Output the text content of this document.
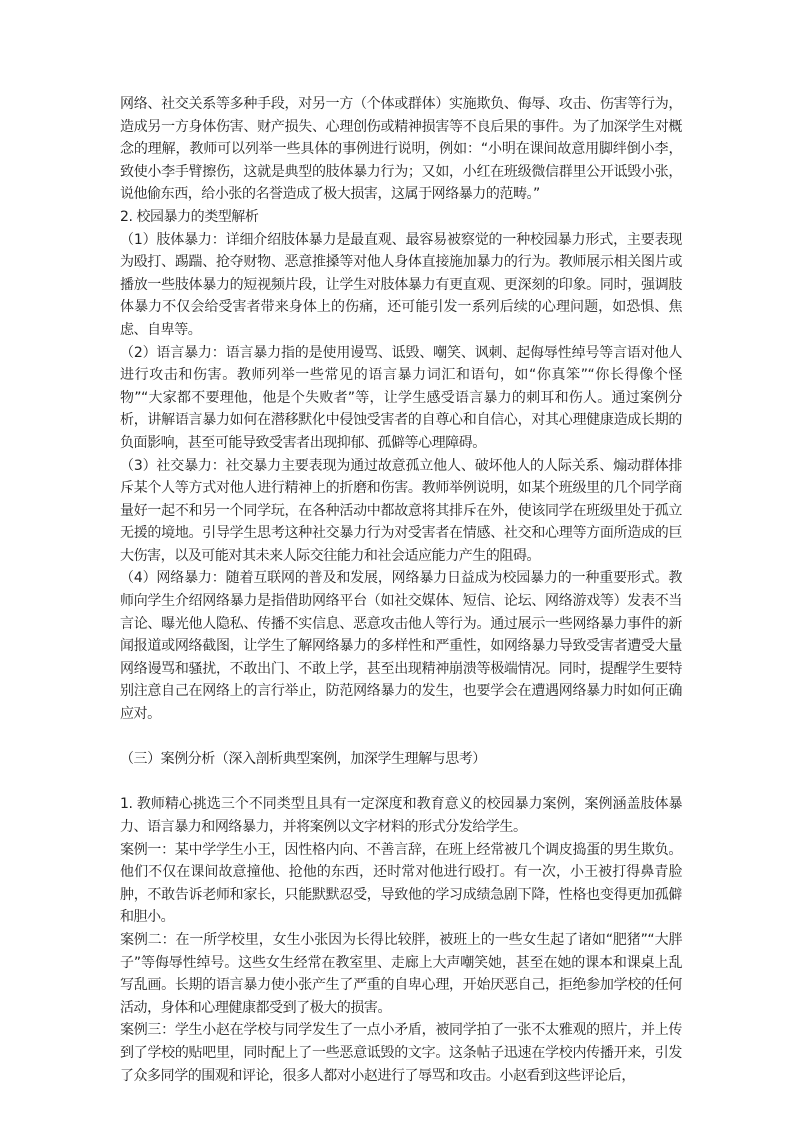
网络、社交关系等多种手段，对另一方（个体或群体）实施欺负、侮辱、攻击、伤害等行为，造成另一方身体伤害、财产损失、心理创伤或精神损害等不良后果的事件。为了加深学生对概念的理解，教师可以列举一些具体的事例进行说明，例如：“小明在课间故意用脚绊倒小李，致使小李手臂擦伤，这就是典型的肢体暴力行为；又如，小红在班级微信群里公开诋毁小张，说他偷东西，给小张的名誉造成了极大损害，这属于网络暴力的范畴。”

2. 校园暴力的类型解析

（1）肢体暴力：详细介绍肢体暴力是最直观、最容易被察觉的一种校园暴力形式，主要表现为殴打、踢踹、抢夺财物、恶意推搡等对他人身体直接施加暴力的行为。教师展示相关图片或播放一些肢体暴力的短视频片段，让学生对肢体暴力有更直观、更深刻的印象。同时，强调肢体暴力不仅会给受害者带来身体上的伤痛，还可能引发一系列后续的心理问题，如恐惧、焦虑、自卑等。

（2）语言暴力：语言暴力指的是使用谩骂、诋毁、嘲笑、讽刺、起侮辱性绰号等言语对他人进行攻击和伤害。教师列举一些常见的语言暴力词汇和语句，如“你真笨”“你长得像个怪物”“大家都不要理他，他是个失败者”等，让学生感受语言暴力的刺耳和伤人。通过案例分析，讲解语言暴力如何在潜移默化中侵蚀受害者的自尊心和自信心，对其心理健康造成长期的负面影响，甚至可能导致受害者出现抑郁、孤僻等心理障碍。

（3）社交暴力：社交暴力主要表现为通过故意孤立他人、破坏他人的人际关系、煽动群体排斥某个人等方式对他人进行精神上的折磨和伤害。教师举例说明，如某个班级里的几个同学商量好一起不和另一个同学玩，在各种活动中都故意将其排斥在外，使该同学在班级里处于孤立无援的境地。引导学生思考这种社交暴力行为对受害者在情感、社交和心理等方面所造成的巨大伤害，以及可能对其未来人际交往能力和社会适应能力产生的阻碍。

（4）网络暴力：随着互联网的普及和发展，网络暴力日益成为校园暴力的一种重要形式。教师向学生介绍网络暴力是指借助网络平台（如社交媒体、短信、论坛、网络游戏等）发表不当言论、曝光他人隐私、传播不实信息、恶意攻击他人等行为。通过展示一些网络暴力事件的新闻报道或网络截图，让学生了解网络暴力的多样性和严重性，如网络暴力导致受害者遭受大量网络谩骂和骚扰，不敢出门、不敢上学，甚至出现精神崩溃等极端情况。同时，提醒学生要特别注意自己在网络上的言行举止，防范网络暴力的发生，也要学会在遭遇网络暴力时如何正确应对。

（三）案例分析（深入剖析典型案例，加深学生理解与思考）

1. 教师精心挑选三个不同类型且具有一定深度和教育意义的校园暴力案例，案例涵盖肢体暴力、语言暴力和网络暴力，并将案例以文字材料的形式分发给学生。

案例一：某中学学生小王，因性格内向、不善言辞，在班上经常被几个调皮捣蛋的男生欺负。他们不仅在课间故意撞他、抢他的东西，还时常对他进行殴打。有一次，小王被打得鼻青脸肿，不敢告诉老师和家长，只能默默忍受，导致他的学习成绩急剧下降，性格也变得更加孤僻和胆小。

案例二：在一所学校里，女生小张因为长得比较胖，被班上的一些女生起了诸如“肥猪”“大胖子”等侮辱性绰号。这些女生经常在教室里、走廊上大声嘲笑她，甚至在她的课本和课桌上乱写乱画。长期的语言暴力使小张产生了严重的自卑心理，开始厌恶自己，拒绝参加学校的任何活动，身体和心理健康都受到了极大的损害。

案例三：学生小赵在学校与同学发生了一点小矛盾，被同学拍了一张不太雅观的照片，并上传到了学校的贴吧里，同时配上了一些恶意诋毁的文字。这条帖子迅速在学校内传播开来，引发了众多同学的围观和评论，很多人都对小赵进行了辱骂和攻击。小赵看到这些评论后，
